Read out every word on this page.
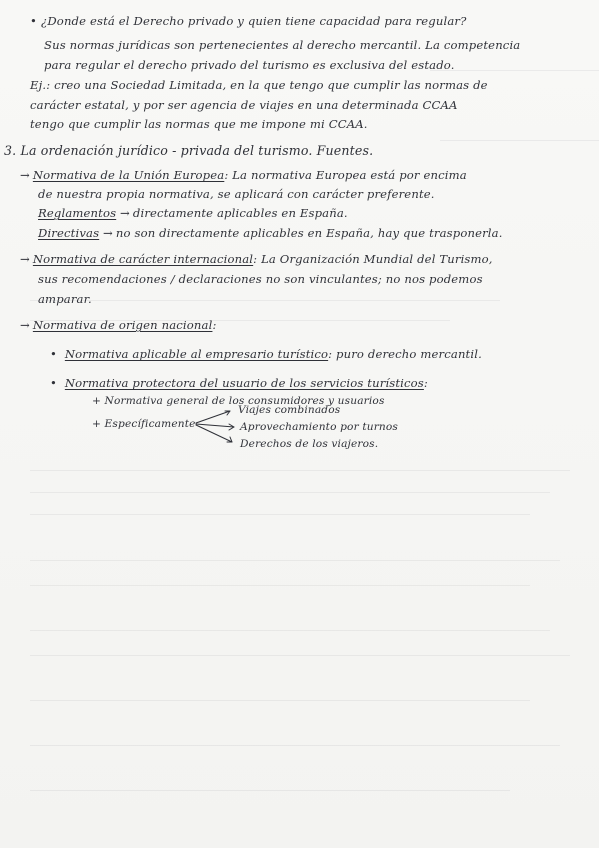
• ¿Donde está el Derecho privado y quien tiene capacidad para regular?
Sus normas jurídicas son pertenecientes al derecho mercantil. La competencia
para regular el derecho privado del turismo es exclusiva del estado.
Ej.: creo una Sociedad Limitada, en la que tengo que cumplir las normas de
carácter estatal, y por ser agencia de viajes en una determinada CCAA
tengo que cumplir las normas que me impone mi CCAA.
3. La ordenación jurídico - privada del turismo. Fuentes.
→ Normativa de la Unión Europea: La normativa Europea está por encima
de nuestra propia normativa, se aplicará con carácter preferente.
Reglamentos → directamente aplicables en España.
Directivas → no son directamente aplicables en España, hay que trasponerla.
→ Normativa de carácter internacional: La Organización Mundial del Turismo,
sus recomendaciones / declaraciones no son vinculantes; no nos podemos
amparar.
→ Normativa de origen nacional:
• Normativa aplicable al empresario turístico: puro derecho mercantil.
• Normativa protectora del usuario de los servicios turísticos:
+ Normativa general de los consumidores y usuarios
+ Específicamente
Viajes combinados
Aprovechamiento por turnos
Derechos de los viajeros.
